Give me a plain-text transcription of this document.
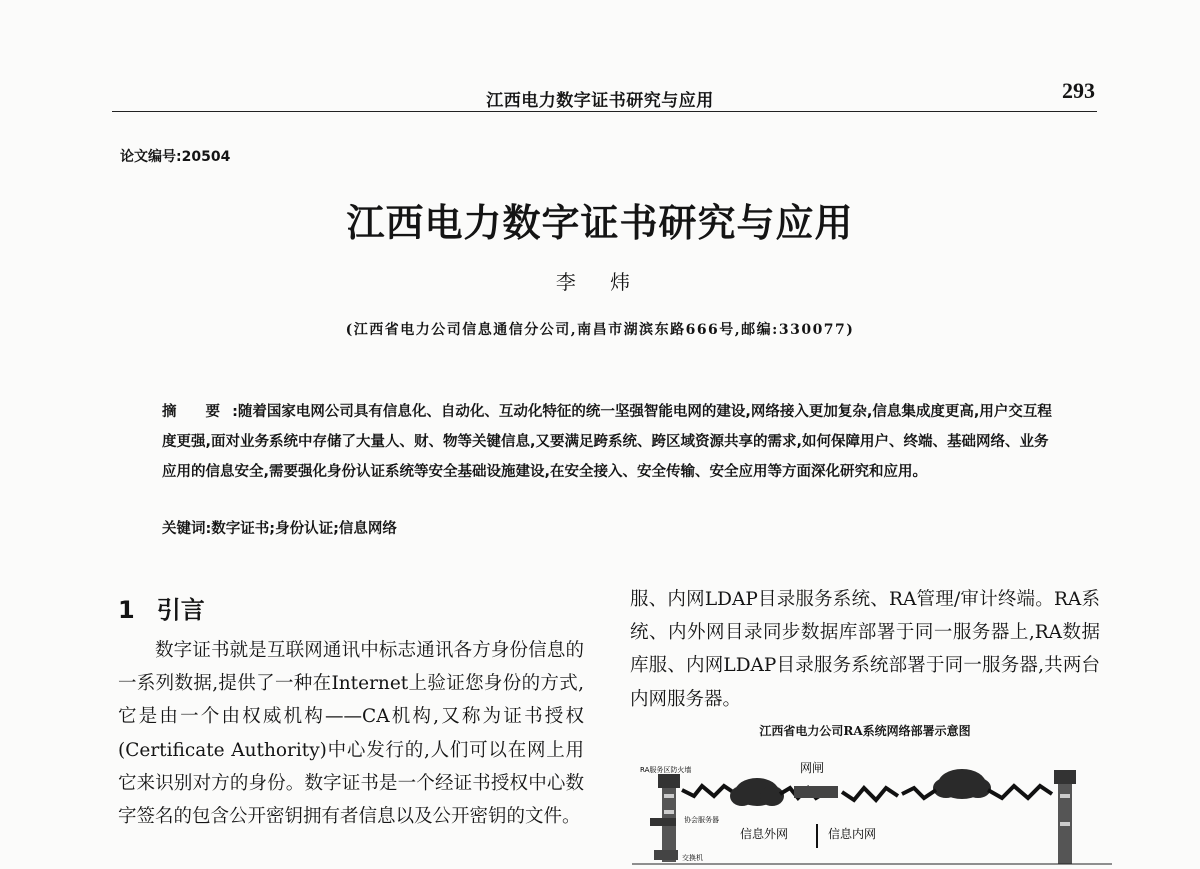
江西电力数字证书研究与应用	293
论文编号:20504
江西电力数字证书研究与应用
李 炜
(江西省电力公司信息通信分公司,南昌市湖滨东路666号,邮编:330077)
摘 要:随着国家电网公司具有信息化、自动化、互动化特征的统一坚强智能电网的建设,网络接入更加复杂,信息集成度更高,用户交互程度更强,面对业务系统中存储了大量人、财、物等关键信息,又要满足跨系统、跨区域资源共享的需求,如何保障用户、终端、基础网络、业务应用的信息安全,需要强化身份认证系统等安全基础设施建设,在安全接入、安全传输、安全应用等方面深化研究和应用。
关键词:数字证书;身份认证;信息网络
1 引言
数字证书就是互联网通讯中标志通讯各方身份信息的一系列数据,提供了一种在Internet上验证您身份的方式,它是由一个由权威机构——CA机构,又称为证书授权(Certificate Authority)中心发行的,人们可以在网上用它来识别对方的身份。数字证书是一个经证书授权中心数字签名的包含公开密钥拥有者信息以及公开密钥的文件。
服、内网LDAP目录服务系统、RA管理/审计终端。RA系统、内外网目录同步数据库部署于同一服务器上,RA数据库服、内网LDAP目录服务系统部署于同一服务器,共两台内网服务器。
江西省电力公司RA系统网络部署示意图
RA服务区防火墙	网闸
协会服务器
信息外网	信息内网
交换机
